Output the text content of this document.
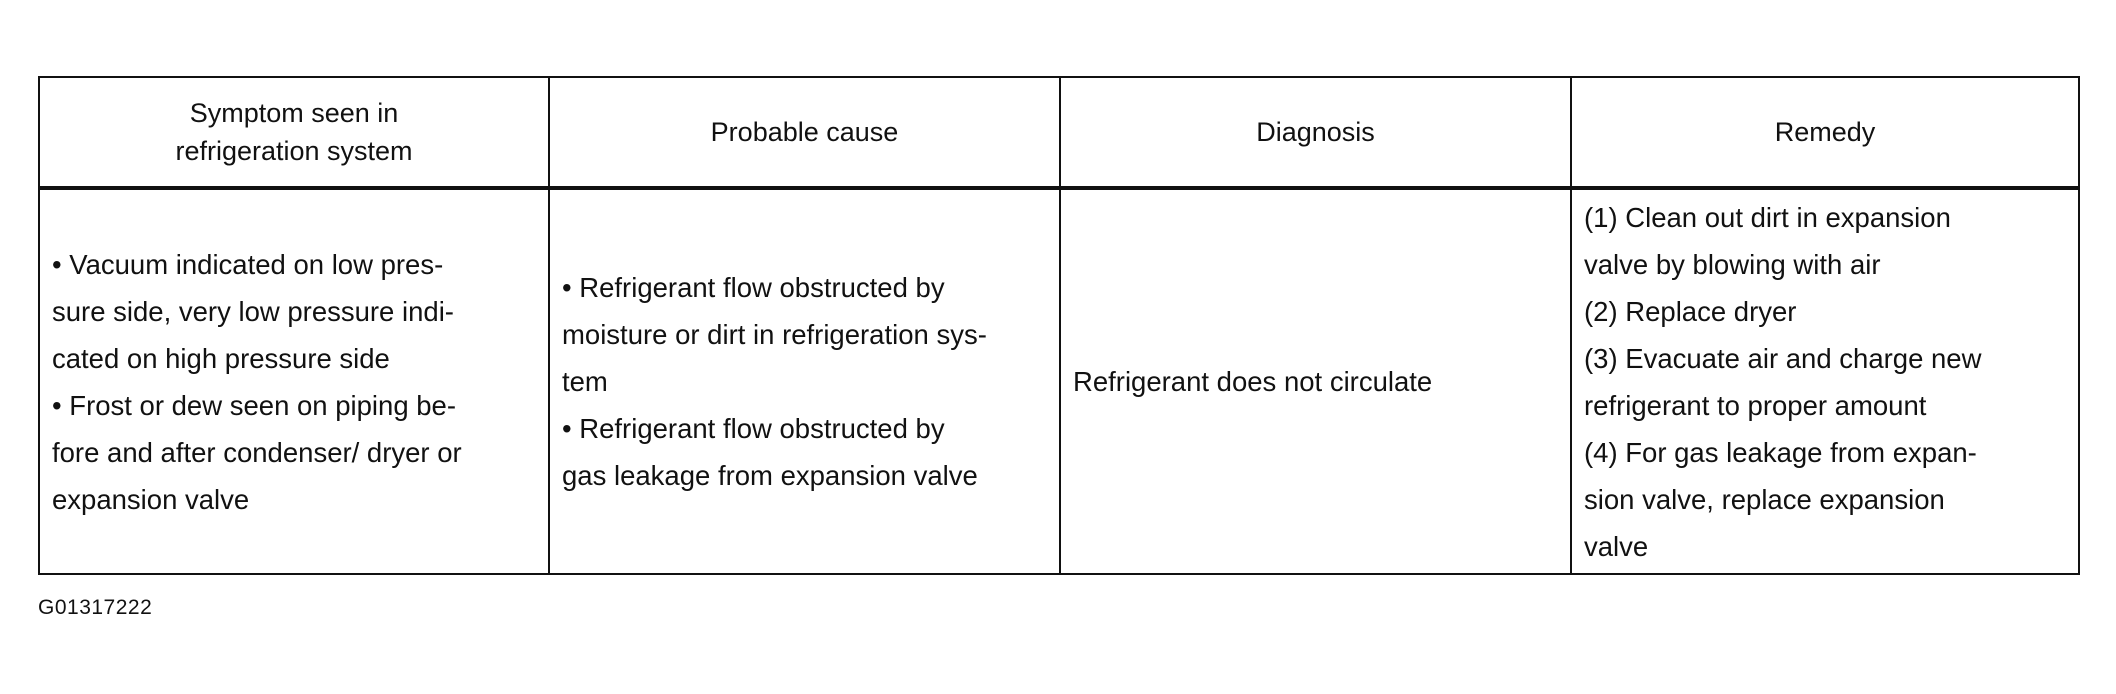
Symptom seen in
refrigeration system
Probable cause	Diagnosis	Remedy
• Vacuum indicated on low pres-
sure side, very low pressure indi-
cated on high pressure side
• Frost or dew seen on piping be-
fore and after condenser/ dryer or
expansion valve
• Refrigerant flow obstructed by
moisture or dirt in refrigeration sys-
tem
• Refrigerant flow obstructed by
gas leakage from expansion valve
Refrigerant does not circulate
(1) Clean out dirt in expansion
valve by blowing with air
(2) Replace dryer
(3) Evacuate air and charge new
refrigerant to proper amount
(4) For gas leakage from expan-
sion valve, replace expansion
valve
G01317222
